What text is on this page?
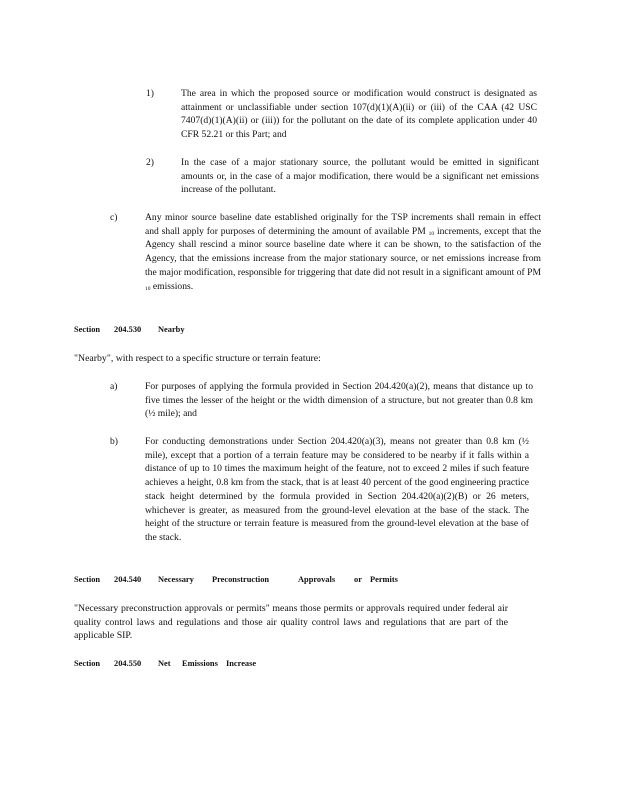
1)	The area in which the proposed source or modification would construct is designated as attainment or unclassifiable under section 107(d)(1)(A)(ii) or (iii) of the CAA (42 USC 7407(d)(1)(A)(ii) or (iii)) for the pollutant on the date of its complete application under 40 CFR 52.21 or this Part; and
2)	In the case of a major stationary source, the pollutant would be emitted in significant amounts or, in the case of a major modification, there would be a significant net emissions increase of the pollutant.
c)	Any minor source baseline date established originally for the TSP increments shall remain in effect and shall apply for purposes of determining the amount of available PM $_{10}$ increments, except that the Agency shall rescind a minor source baseline date where it can be shown, to the satisfaction of the Agency, that the emissions increase from the major stationary source, or net emissions increase from the major modification, responsible for triggering that date did not result in a significant amount of PM $_{10}$ emissions.
Section 204.530 Nearby
"Nearby", with respect to a specific structure or terrain feature:
a)	For purposes of applying the formula provided in Section 204.420(a)(2), means that distance up to five times the lesser of the height or the width dimension of a structure, but not greater than 0.8 km (½ mile); and
b)	For conducting demonstrations under Section 204.420(a)(3), means not greater than 0.8 km (½ mile), except that a portion of a terrain feature may be considered to be nearby if it falls within a distance of up to 10 times the maximum height of the feature, not to exceed 2 miles if such feature achieves a height, 0.8 km from the stack, that is at least 40 percent of the good engineering practice stack height determined by the formula provided in Section 204.420(a)(2)(B) or 26 meters, whichever is greater, as measured from the ground-level elevation at the base of the stack. The height of the structure or terrain feature is measured from the ground-level elevation at the base of the stack.
Section 204.540 Necessary Preconstruction	Approvals or Permits
"Necessary preconstruction approvals or permits" means those permits or approvals required under federal air quality control laws and regulations and those air quality control laws and regulations that are part of the applicable SIP.
Section 204.550 Net Emissions Increase
